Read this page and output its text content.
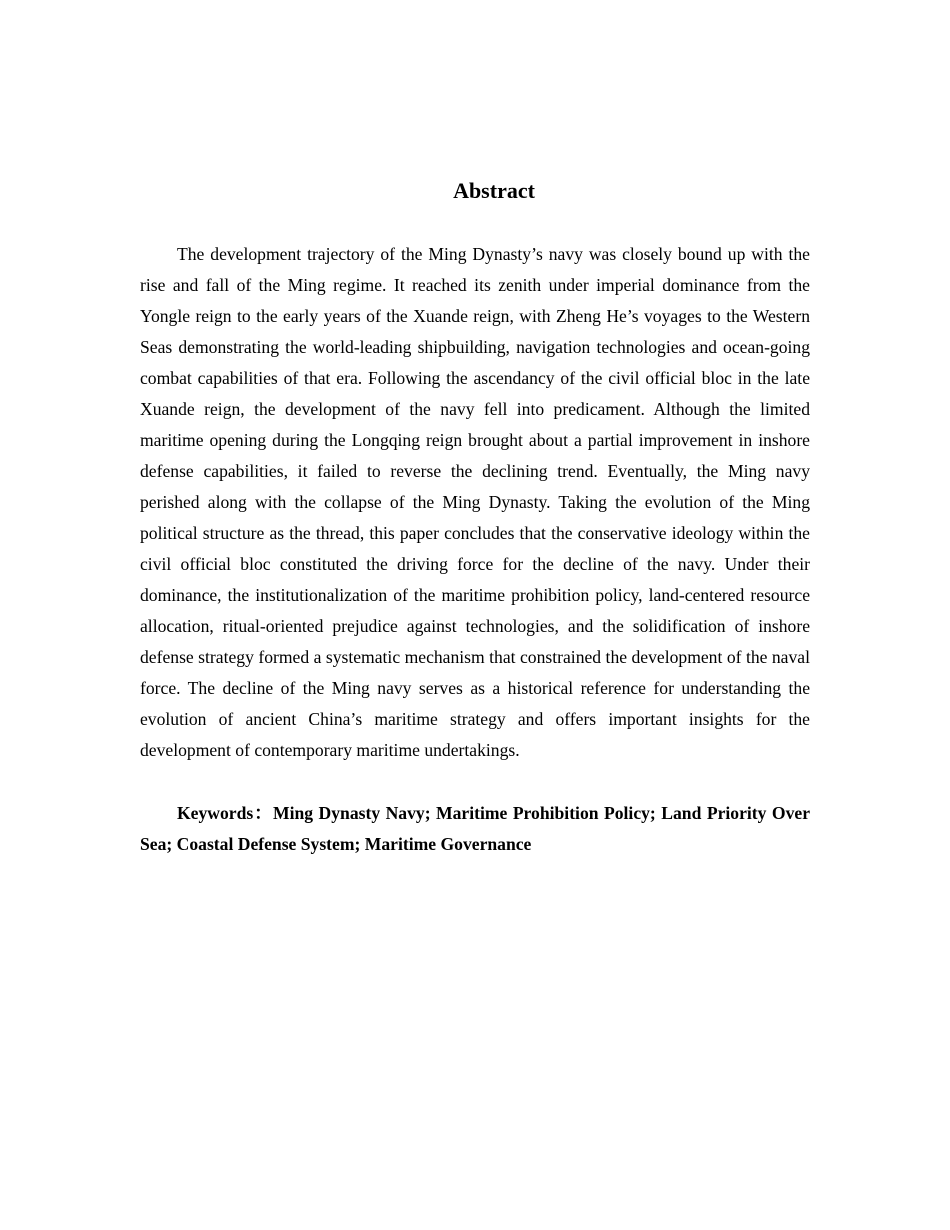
Abstract

The development trajectory of the Ming Dynasty’s navy was closely bound up with the rise and fall of the Ming regime. It reached its zenith under imperial dominance from the Yongle reign to the early years of the Xuande reign, with Zheng He’s voyages to the Western Seas demonstrating the world-leading shipbuilding, navigation technologies and ocean-going combat capabilities of that era. Following the ascendancy of the civil official bloc in the late Xuande reign, the development of the navy fell into predicament. Although the limited maritime opening during the Longqing reign brought about a partial improvement in inshore defense capabilities, it failed to reverse the declining trend. Eventually, the Ming navy perished along with the collapse of the Ming Dynasty. Taking the evolution of the Ming political structure as the thread, this paper concludes that the conservative ideology within the civil official bloc constituted the driving force for the decline of the navy. Under their dominance, the institutionalization of the maritime prohibition policy, land-centered resource allocation, ritual-oriented prejudice against technologies, and the solidification of inshore defense strategy formed a systematic mechanism that constrained the development of the naval force. The decline of the Ming navy serves as a historical reference for understanding the evolution of ancient China’s maritime strategy and offers important insights for the development of contemporary maritime undertakings.

Keywords：Ming Dynasty Navy; Maritime Prohibition Policy; Land Priority Over Sea; Coastal Defense System; Maritime Governance
